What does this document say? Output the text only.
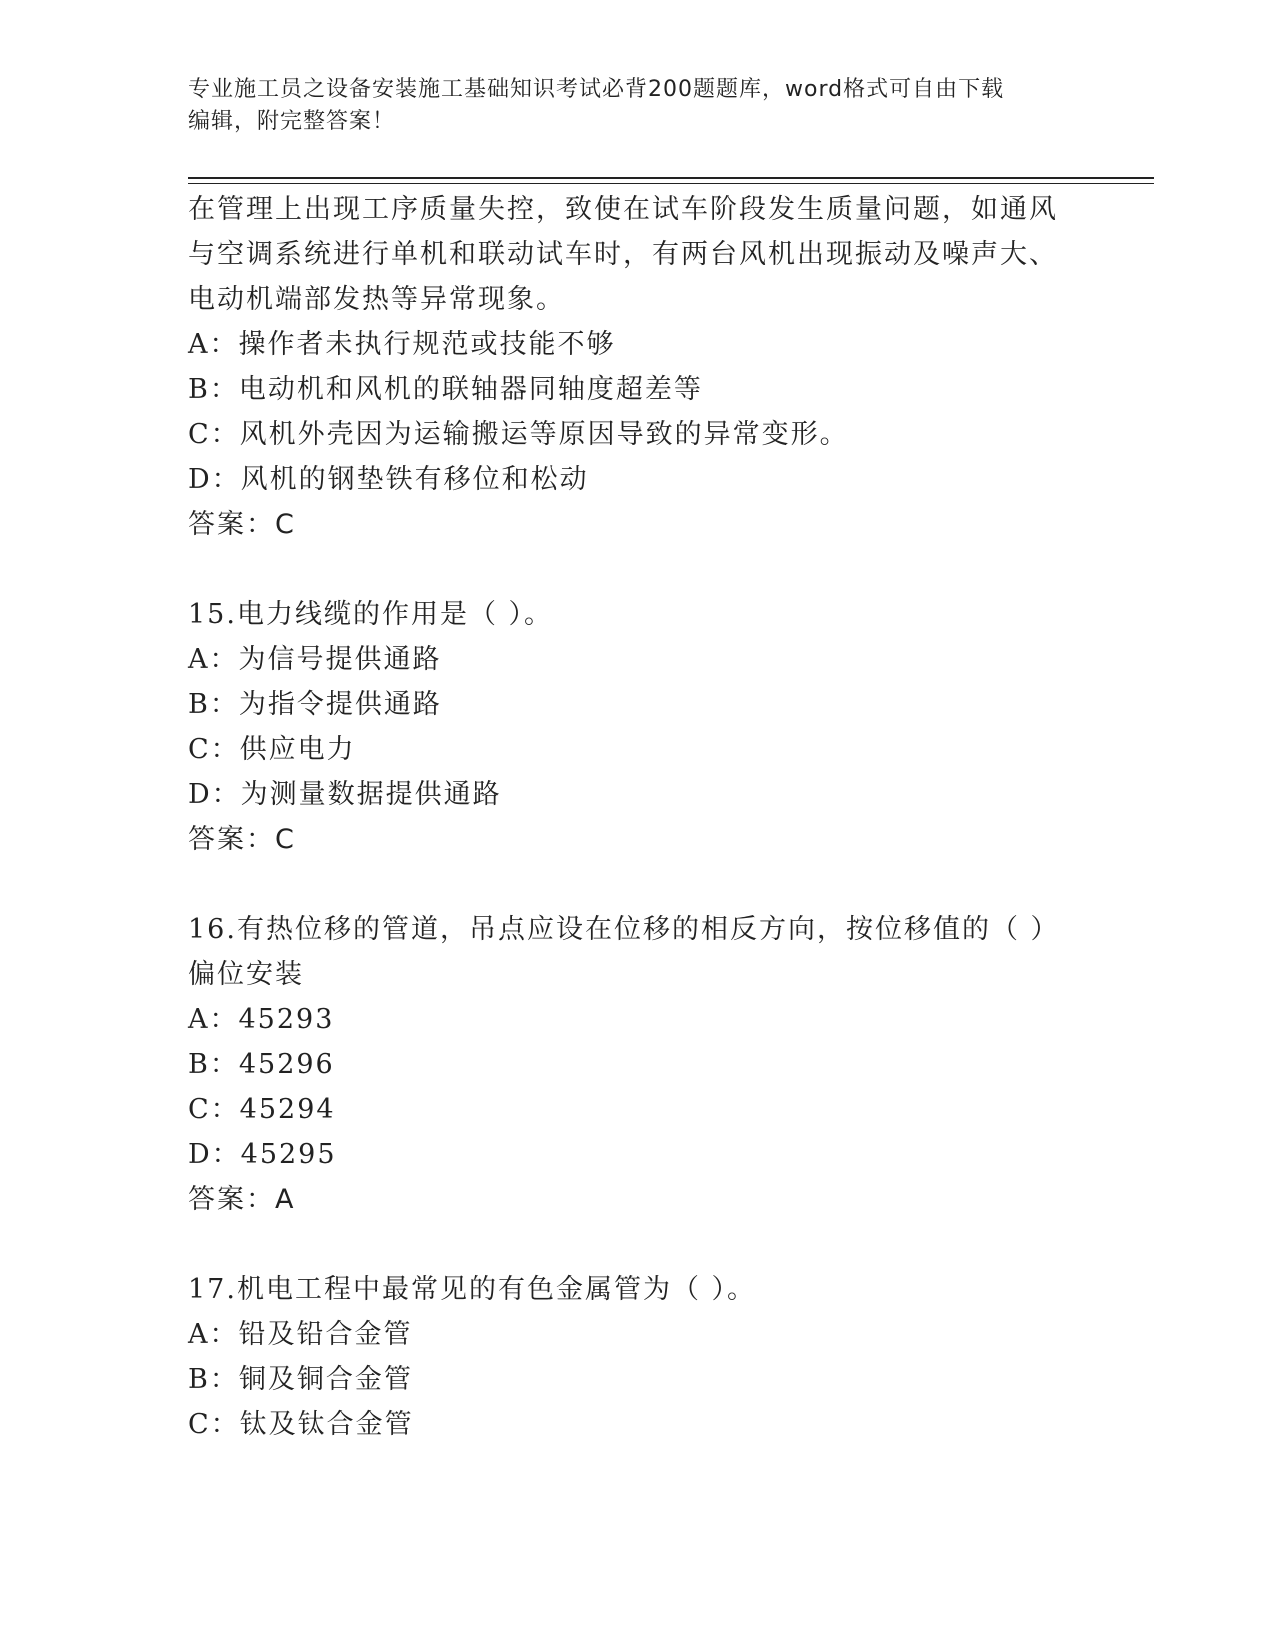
专业施工员之设备安装施工基础知识考试必背200题题库，word格式可自由下载
编辑，附完整答案！
在管理上出现工序质量失控，致使在试车阶段发生质量问题，如通风
与空调系统进行单机和联动试车时，有两台风机出现振动及噪声大、
电动机端部发热等异常现象。
A：操作者未执行规范或技能不够
B：电动机和风机的联轴器同轴度超差等
C：风机外壳因为运输搬运等原因导致的异常变形。
D：风机的钢垫铁有移位和松动
答案：C
15.电力线缆的作用是（ ）。
A：为信号提供通路
B：为指令提供通路
C：供应电力
D：为测量数据提供通路
答案：C
16.有热位移的管道，吊点应设在位移的相反方向，按位移值的（ ）
偏位安装
A：45293
B：45296
C：45294
D：45295
答案：A
17.机电工程中最常见的有色金属管为（ ）。
A：铅及铅合金管
B：铜及铜合金管
C：钛及钛合金管
